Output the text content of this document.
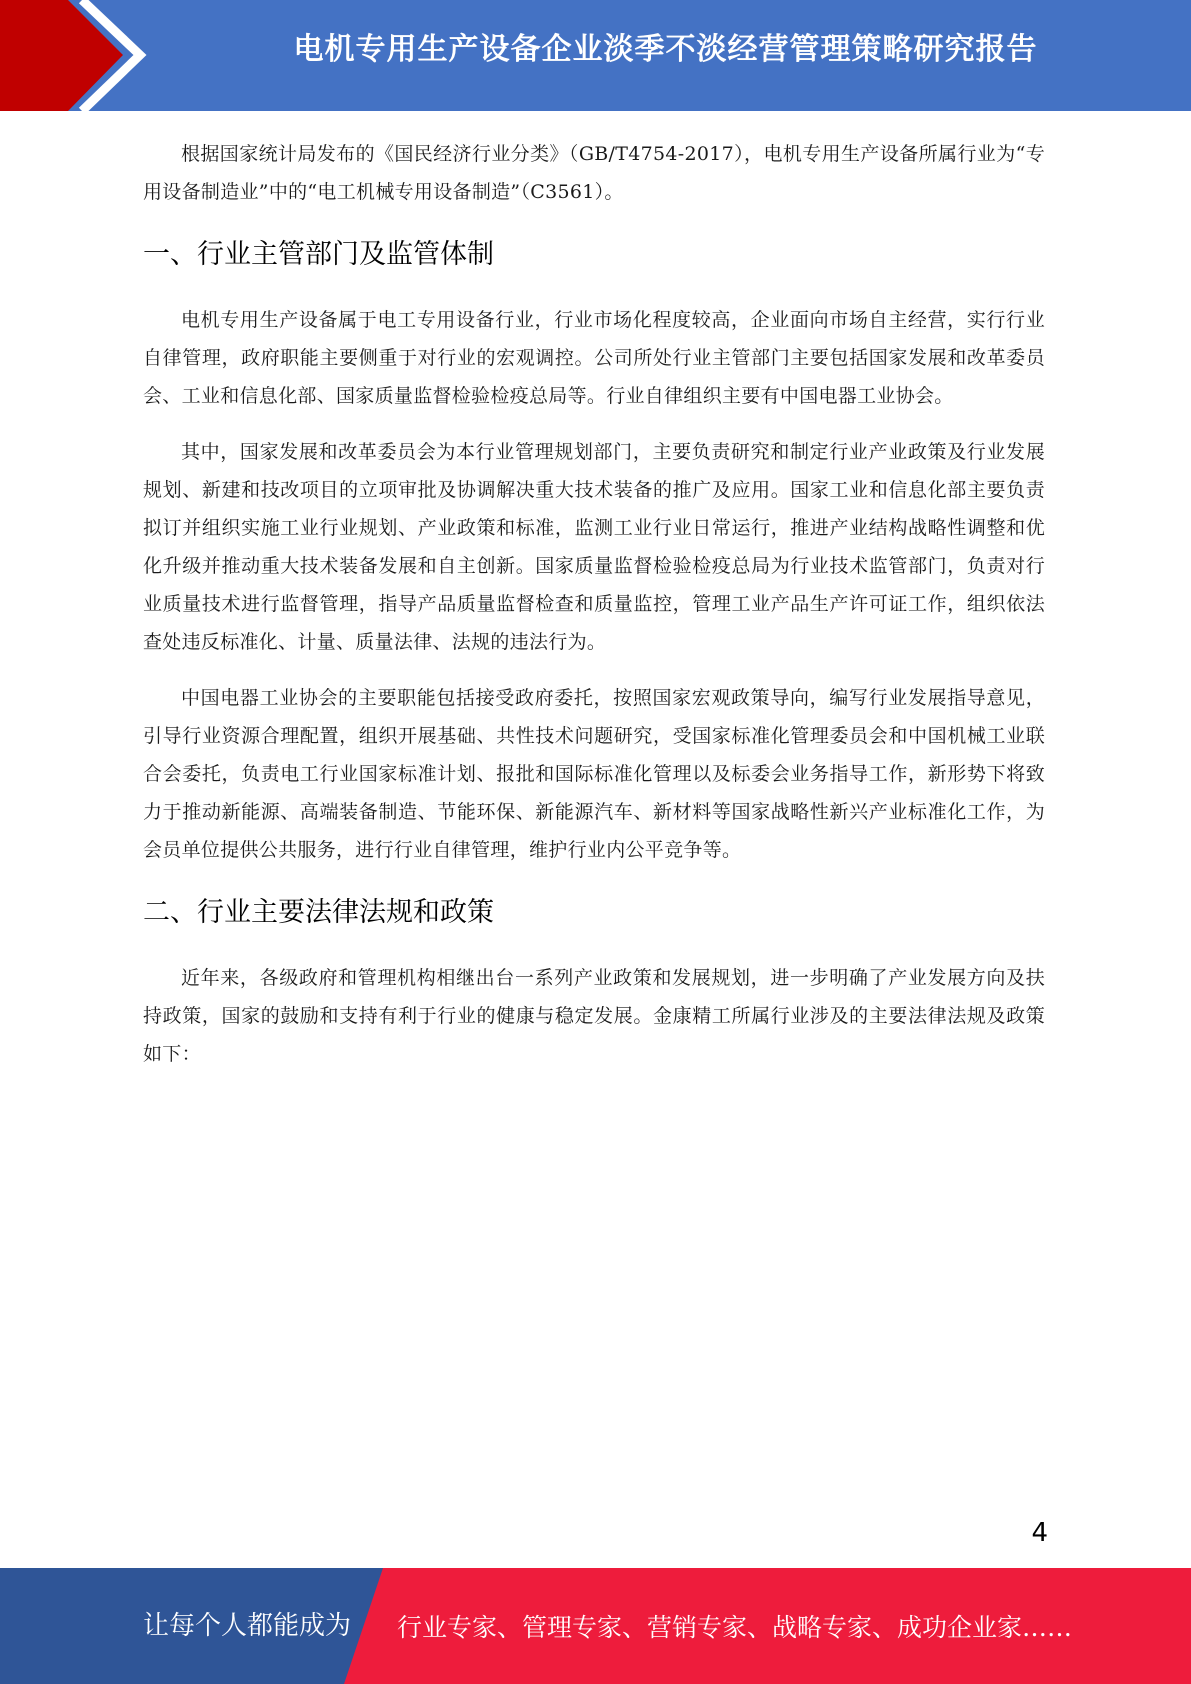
电机专用生产设备企业淡季不淡经营管理策略研究报告

根据国家统计局发布的《国民经济行业分类》（GB/T4754-2017），电机专用生产设备所属行业为“专用设备制造业”中的“电工机械专用设备制造”（C3561）。

一、行业主管部门及监管体制

电机专用生产设备属于电工专用设备行业，行业市场化程度较高，企业面向市场自主经营，实行行业自律管理，政府职能主要侧重于对行业的宏观调控。公司所处行业主管部门主要包括国家发展和改革委员会、工业和信息化部、国家质量监督检验检疫总局等。行业自律组织主要有中国电器工业协会。

其中，国家发展和改革委员会为本行业管理规划部门，主要负责研究和制定行业产业政策及行业发展规划、新建和技改项目的立项审批及协调解决重大技术装备的推广及应用。国家工业和信息化部主要负责拟订并组织实施工业行业规划、产业政策和标准，监测工业行业日常运行，推进产业结构战略性调整和优化升级并推动重大技术装备发展和自主创新。国家质量监督检验检疫总局为行业技术监管部门，负责对行业质量技术进行监督管理，指导产品质量监督检查和质量监控，管理工业产品生产许可证工作，组织依法查处违反标准化、计量、质量法律、法规的违法行为。

中国电器工业协会的主要职能包括接受政府委托，按照国家宏观政策导向，编写行业发展指导意见，引导行业资源合理配置，组织开展基础、共性技术问题研究，受国家标准化管理委员会和中国机械工业联合会委托，负责电工行业国家标准计划、报批和国际标准化管理以及标委会业务指导工作，新形势下将致力于推动新能源、高端装备制造、节能环保、新能源汽车、新材料等国家战略性新兴产业标准化工作，为会员单位提供公共服务，进行行业自律管理，维护行业内公平竞争等。

二、行业主要法律法规和政策

近年来，各级政府和管理机构相继出台一系列产业政策和发展规划，进一步明确了产业发展方向及扶持政策，国家的鼓励和支持有利于行业的健康与稳定发展。金康精工所属行业涉及的主要法律法规及政策如下：

4
让每个人都能成为 行业专家、管理专家、营销专家、战略专家、成功企业家……
